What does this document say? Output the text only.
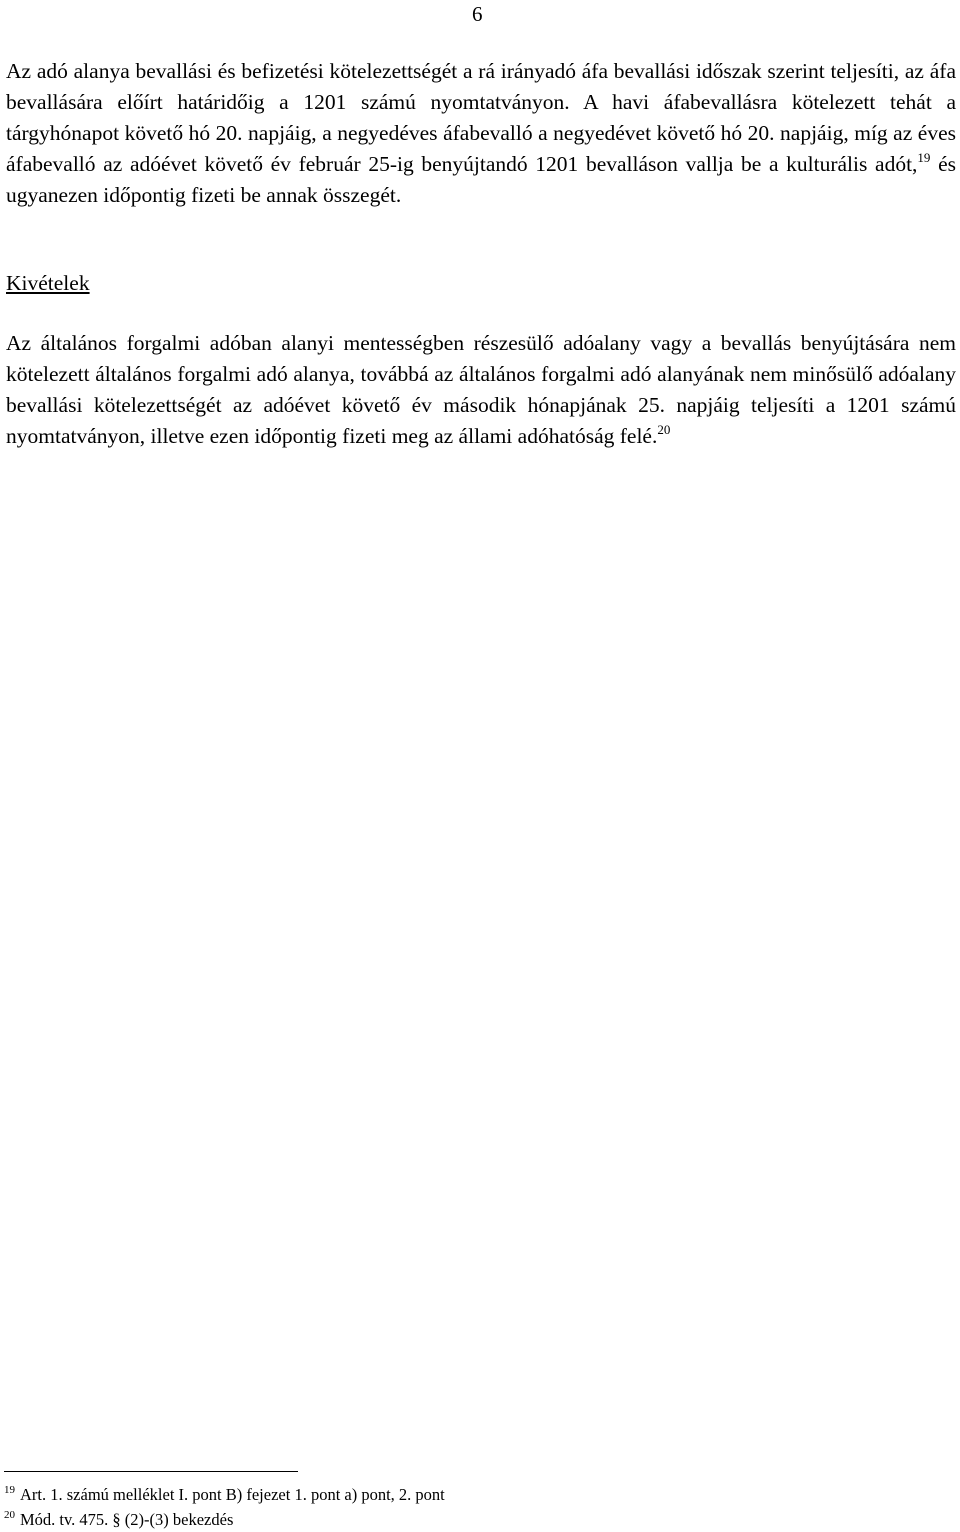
6

Az adó alanya bevallási és befizetési kötelezettségét a rá irányadó áfa bevallási időszak szerint teljesíti, az áfa bevallására előírt határidőig a 1201 számú nyomtatványon. A havi áfabevallásra kötelezett tehát a tárgyhónapot követő hó 20. napjáig, a negyedéves áfabevalló a negyedévet követő hó 20. napjáig, míg az éves áfabevalló az adóévet követő év február 25-ig benyújtandó 1201 bevalláson vallja be a kulturális adót,$^{19}$ és ugyanezen időpontig fizeti be annak összegét.

Kivételek

Az általános forgalmi adóban alanyi mentességben részesülő adóalany vagy a bevallás benyújtására nem kötelezett általános forgalmi adó alanya, továbbá az általános forgalmi adó alanyának nem minősülő adóalany bevallási kötelezettségét az adóévet követő év második hónapjának 25. napjáig teljesíti a 1201 számú nyomtatványon, illetve ezen időpontig fizeti meg az állami adóhatóság felé.$^{20}$

$^{19}$ Art. 1. számú melléklet I. pont B) fejezet 1. pont a) pont, 2. pont
$^{20}$ Mód. tv. 475. § (2)-(3) bekezdés
